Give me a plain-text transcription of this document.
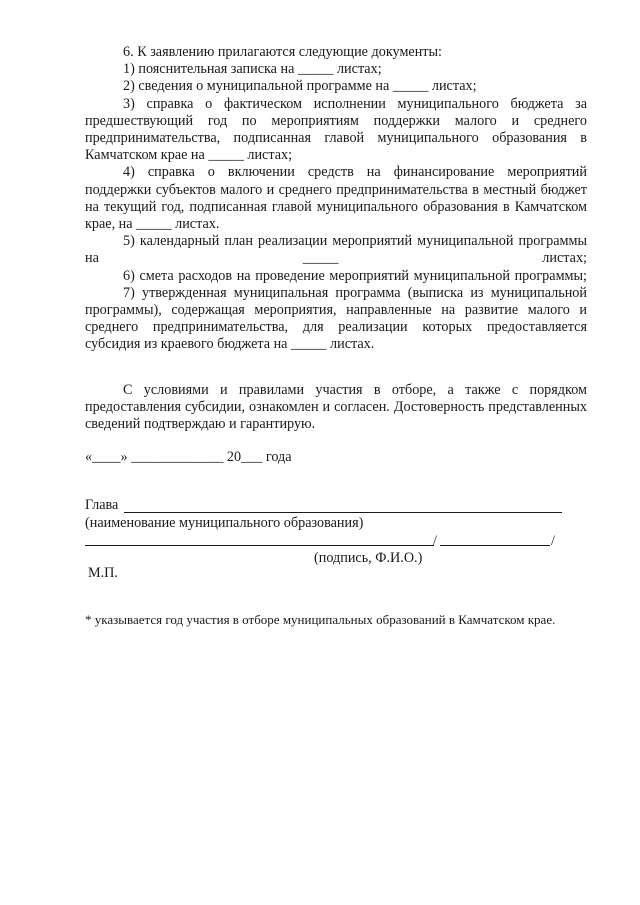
6. К заявлению прилагаются следующие документы:

1) пояснительная записка на _____ листах;

2) сведения о муниципальной программе на _____ листах;

3) справка о фактическом исполнении муниципального бюджета за предшествующий год по мероприятиям поддержки малого и среднего предпринимательства, подписанная главой муниципального образования в Камчатском крае на _____ листах;

4) справка о включении средств на финансирование мероприятий поддержки субъектов малого и среднего предпринимательства в местный бюджет на текущий год, подписанная главой муниципального образования в Камчатском крае, на _____ листах.

5) календарный план реализации мероприятий муниципальной программы на _____ листах;

6) смета расходов на проведение мероприятий муниципальной программы;

7) утвержденная муниципальная программа (выписка из муниципальной программы), содержащая мероприятия, направленные на развитие малого и среднего предпринимательства, для реализации которых предоставляется субсидия из краевого бюджета на _____ листах.

С условиями и правилами участия в отборе, а также с порядком предоставления субсидии, ознакомлен и согласен. Достоверность представленных сведений подтверждаю и гарантирую.
«____» _____________ 20___ года
Глава
(наименование муниципального образования)
/	/
(подпись, Ф.И.О.)
М.П.
* указывается год участия в отборе муниципальных образований в Камчатском крае.
